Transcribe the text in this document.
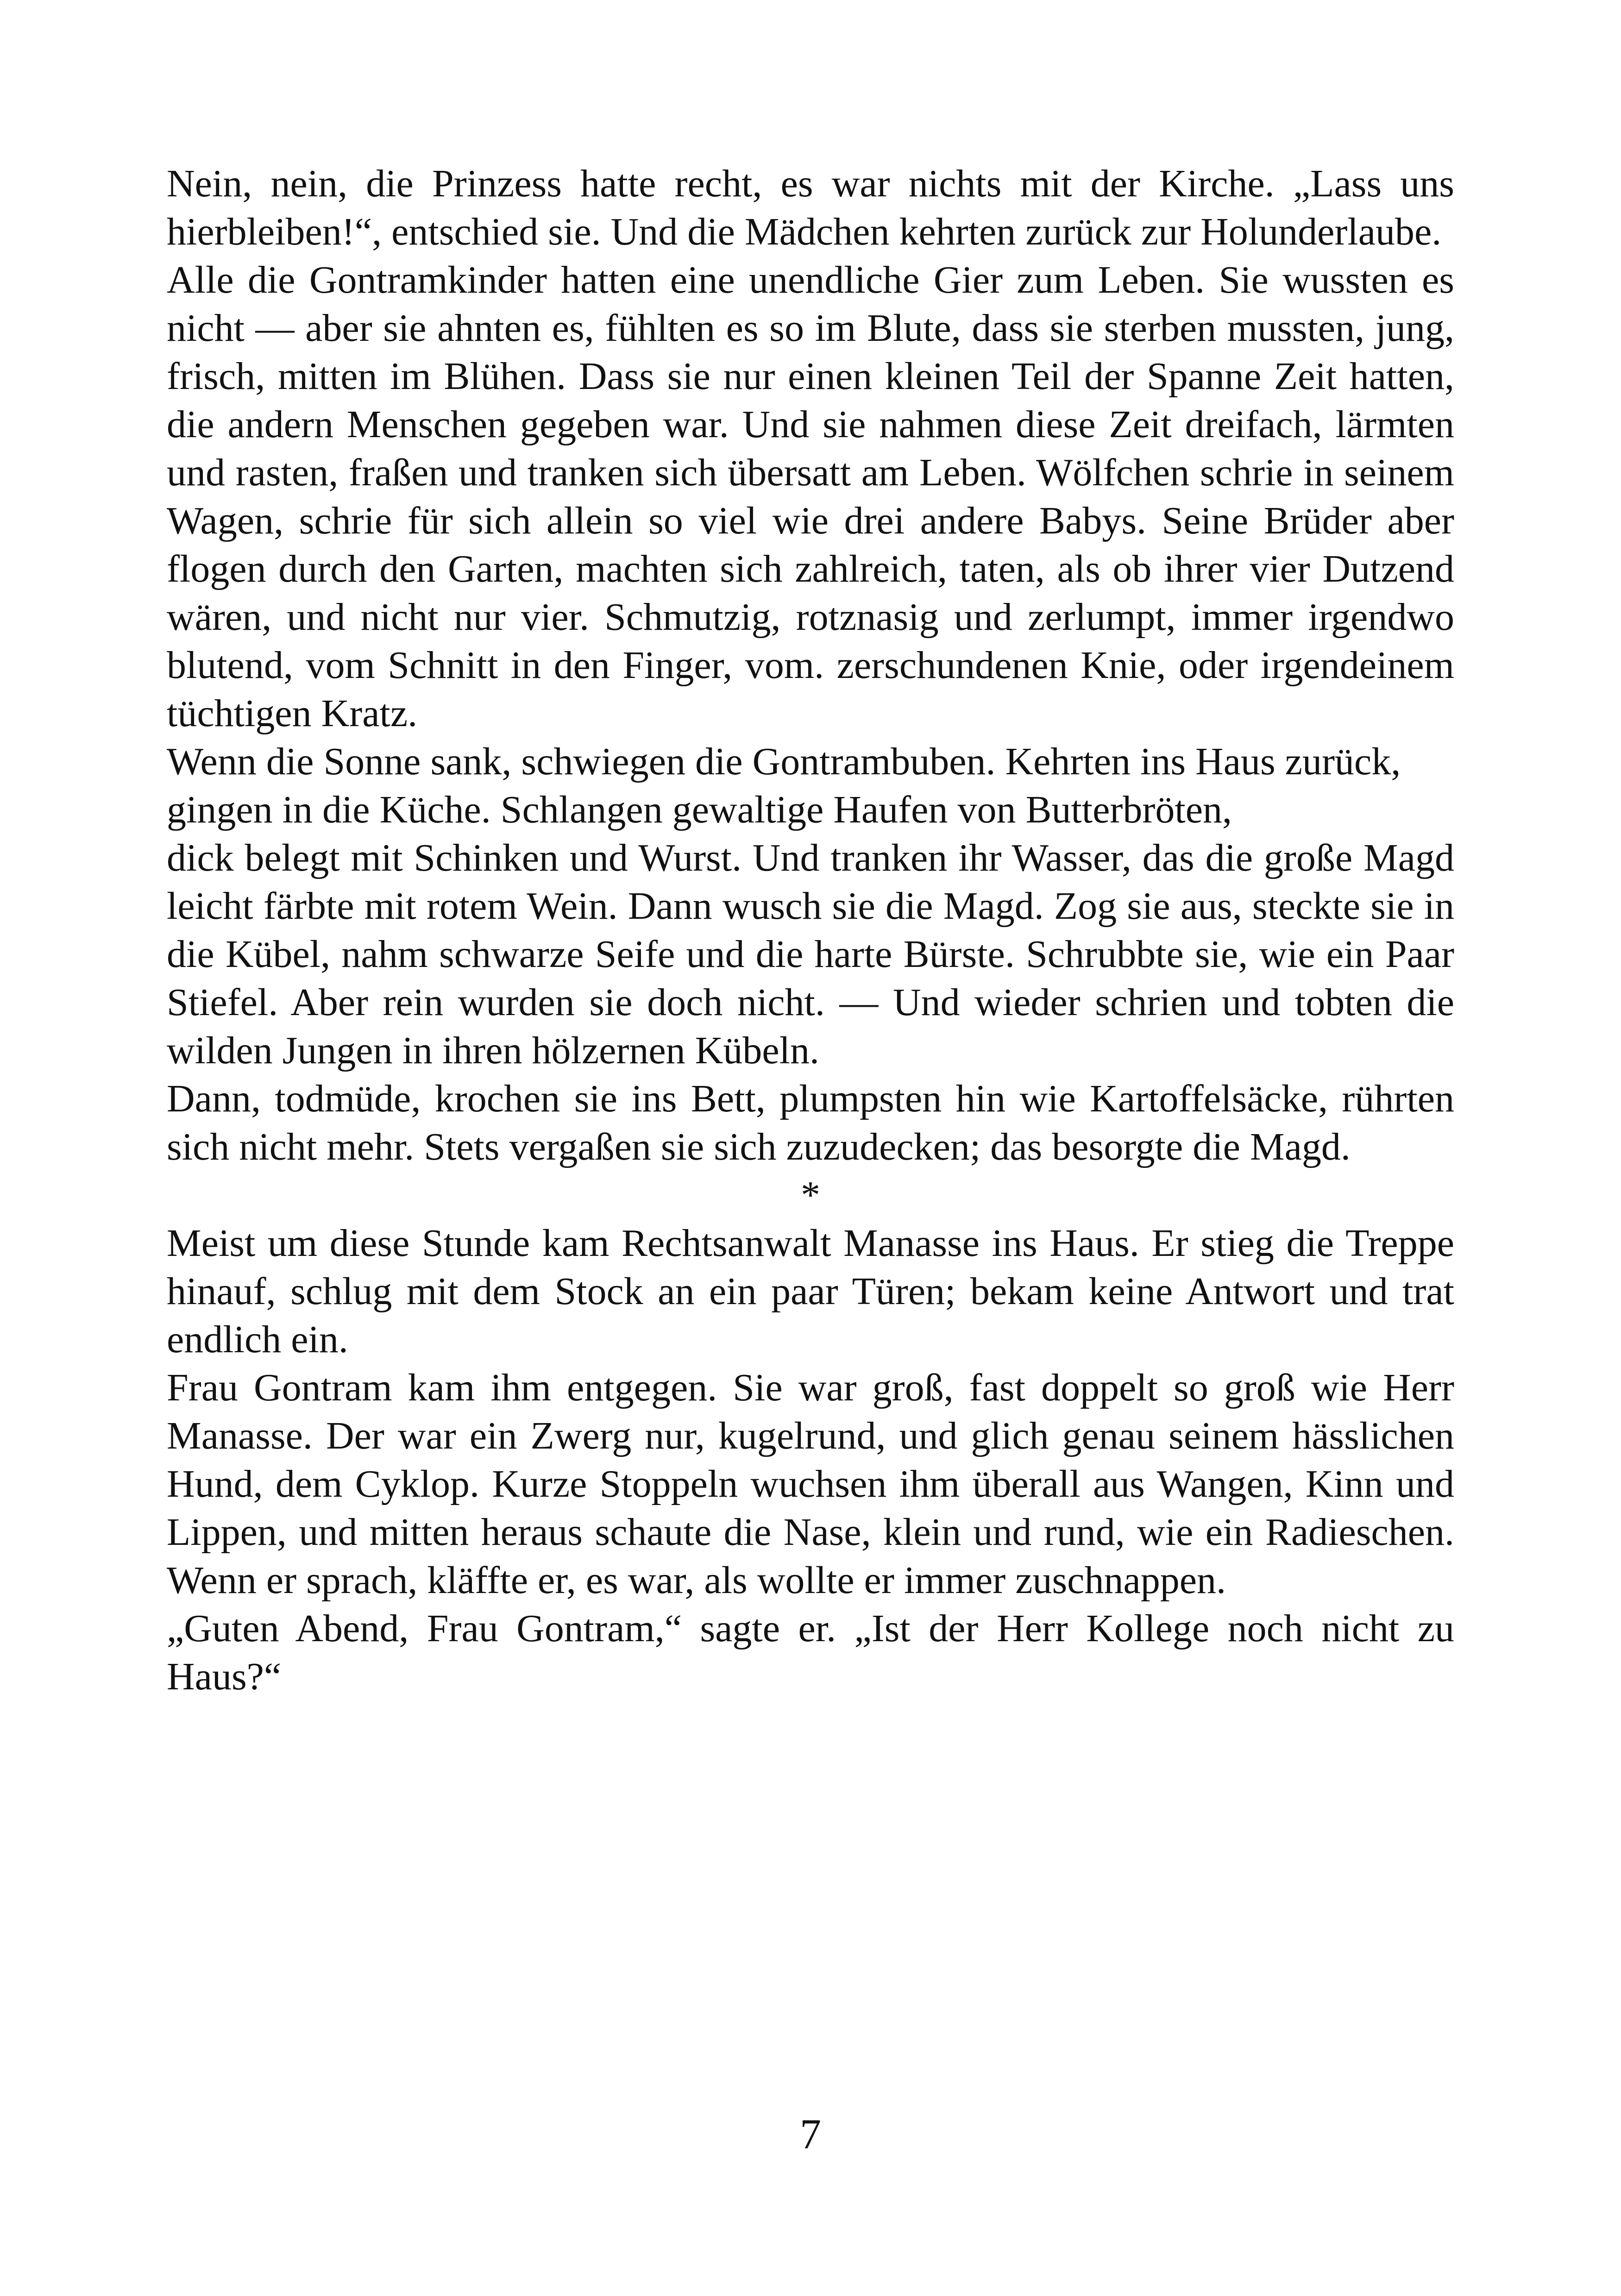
Nein, nein, die Prinzess hatte recht, es war nichts mit der Kirche. „Lass uns hierbleiben!“, entschied sie. Und die Mädchen kehrten zurück zur Holunderlaube.

Alle die Gontramkinder hatten eine unendliche Gier zum Leben. Sie wussten es nicht — aber sie ahnten es, fühlten es so im Blute, dass sie sterben mussten, jung, frisch, mitten im Blühen. Dass sie nur einen kleinen Teil der Spanne Zeit hatten, die andern Menschen gegeben war. Und sie nahmen diese Zeit dreifach, lärmten und rasten, fraßen und tranken sich übersatt am Leben. Wölfchen schrie in seinem Wagen, schrie für sich allein so viel wie drei andere Babys. Seine Brüder aber flogen durch den Garten, machten sich zahlreich, taten, als ob ihrer vier Dutzend wären, und nicht nur vier. Schmutzig, rotznasig und zerlumpt, immer irgendwo blutend, vom Schnitt in den Finger, vom. zerschundenen Knie, oder irgendeinem tüchtigen Kratz.

Wenn die Sonne sank, schwiegen die Gontrambuben. Kehrten ins Haus zurück, gingen in die Küche. Schlangen gewaltige Haufen von Butterbröten,

dick belegt mit Schinken und Wurst. Und tranken ihr Wasser, das die große Magd leicht färbte mit rotem Wein. Dann wusch sie die Magd. Zog sie aus, steckte sie in die Kübel, nahm schwarze Seife und die harte Bürste. Schrubbte sie, wie ein Paar Stiefel. Aber rein wurden sie doch nicht. — Und wieder schrien und tobten die wilden Jungen in ihren hölzernen Kübeln.

Dann, todmüde, krochen sie ins Bett, plumpsten hin wie Kartoffelsäcke, rührten sich nicht mehr. Stets vergaßen sie sich zuzudecken; das besorgte die Magd.

*

Meist um diese Stunde kam Rechtsanwalt Manasse ins Haus. Er stieg die Treppe hinauf, schlug mit dem Stock an ein paar Türen; bekam keine Antwort und trat endlich ein.

Frau Gontram kam ihm entgegen. Sie war groß, fast doppelt so groß wie Herr Manasse. Der war ein Zwerg nur, kugelrund, und glich genau seinem hässlichen Hund, dem Cyklop. Kurze Stoppeln wuchsen ihm überall aus Wangen, Kinn und Lippen, und mitten heraus schaute die Nase, klein und rund, wie ein Radieschen. Wenn er sprach, kläffte er, es war, als wollte er immer zuschnappen.

„Guten Abend, Frau Gontram,“ sagte er. „Ist der Herr Kollege noch nicht zu Haus?“

7
